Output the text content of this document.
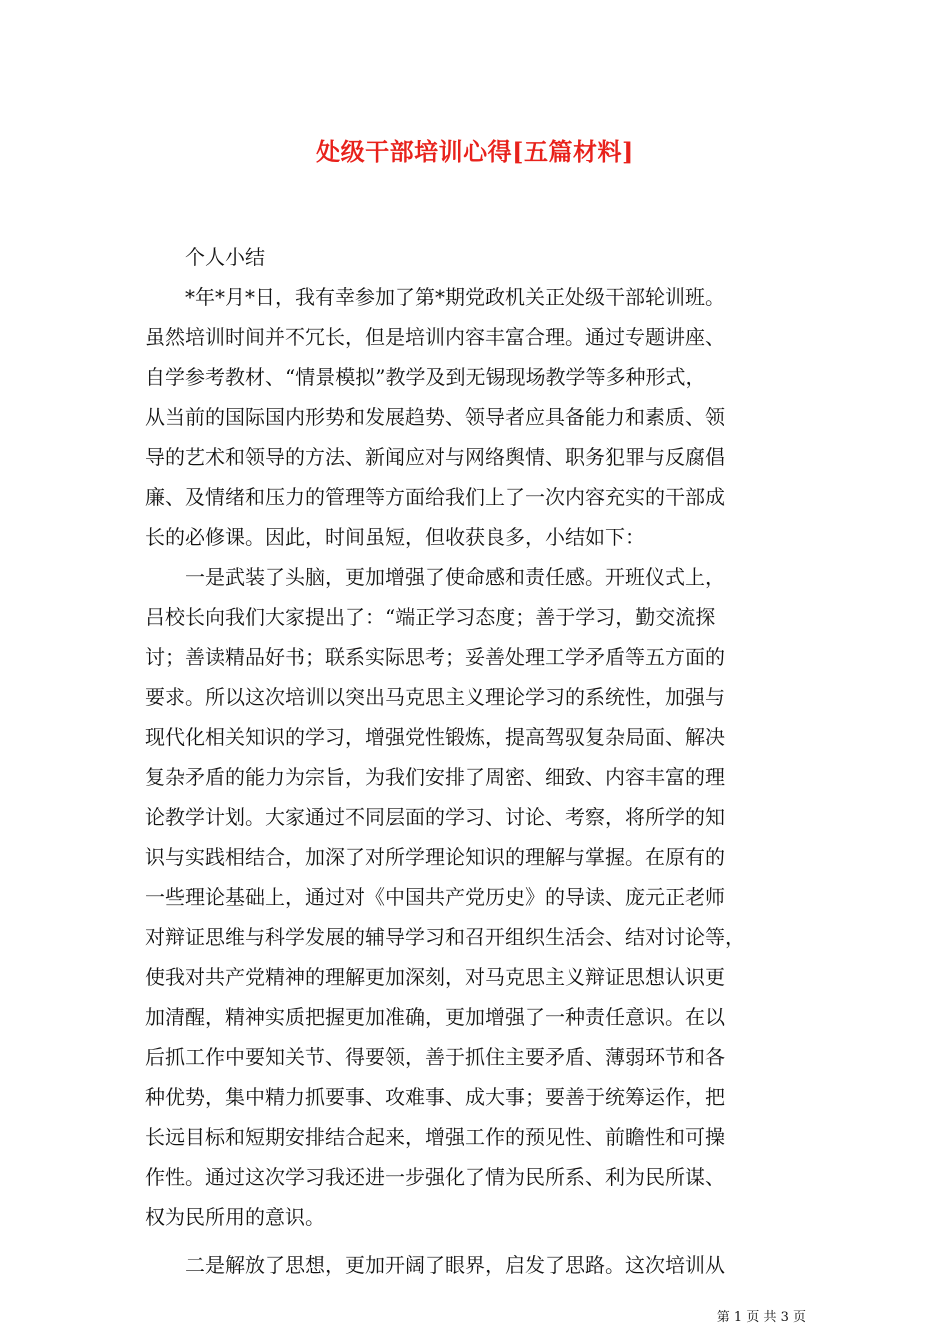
处级干部培训心得[五篇材料]
　　个人小结
　　*年*月*日，我有幸参加了第*期党政机关正处级干部轮训班。
虽然培训时间并不冗长，但是培训内容丰富合理。通过专题讲座、
自学参考教材、“情景模拟”教学及到无锡现场教学等多种形式，
从当前的国际国内形势和发展趋势、领导者应具备能力和素质、领
导的艺术和领导的方法、新闻应对与网络舆情、职务犯罪与反腐倡
廉、及情绪和压力的管理等方面给我们上了一次内容充实的干部成
长的必修课。因此，时间虽短，但收获良多，小结如下：
　　一是武装了头脑，更加增强了使命感和责任感。开班仪式上，
吕校长向我们大家提出了：“端正学习态度；善于学习，勤交流探
讨；善读精品好书；联系实际思考；妥善处理工学矛盾等五方面的
要求。所以这次培训以突出马克思主义理论学习的系统性，加强与
现代化相关知识的学习，增强党性锻炼，提高驾驭复杂局面、解决
复杂矛盾的能力为宗旨，为我们安排了周密、细致、内容丰富的理
论教学计划。大家通过不同层面的学习、讨论、考察，将所学的知
识与实践相结合，加深了对所学理论知识的理解与掌握。在原有的
一些理论基础上，通过对《中国共产党历史》的导读、庞元正老师
对辩证思维与科学发展的辅导学习和召开组织生活会、结对讨论等，
使我对共产党精神的理解更加深刻，对马克思主义辩证思想认识更
加清醒，精神实质把握更加准确，更加增强了一种责任意识。在以
后抓工作中要知关节、得要领，善于抓住主要矛盾、薄弱环节和各
种优势，集中精力抓要事、攻难事、成大事；要善于统筹运作，把
长远目标和短期安排结合起来，增强工作的预见性、前瞻性和可操
作性。通过这次学习我还进一步强化了情为民所系、利为民所谋、
权为民所用的意识。
　　二是解放了思想，更加开阔了眼界，启发了思路。这次培训从
第 1 页 共 3 页
